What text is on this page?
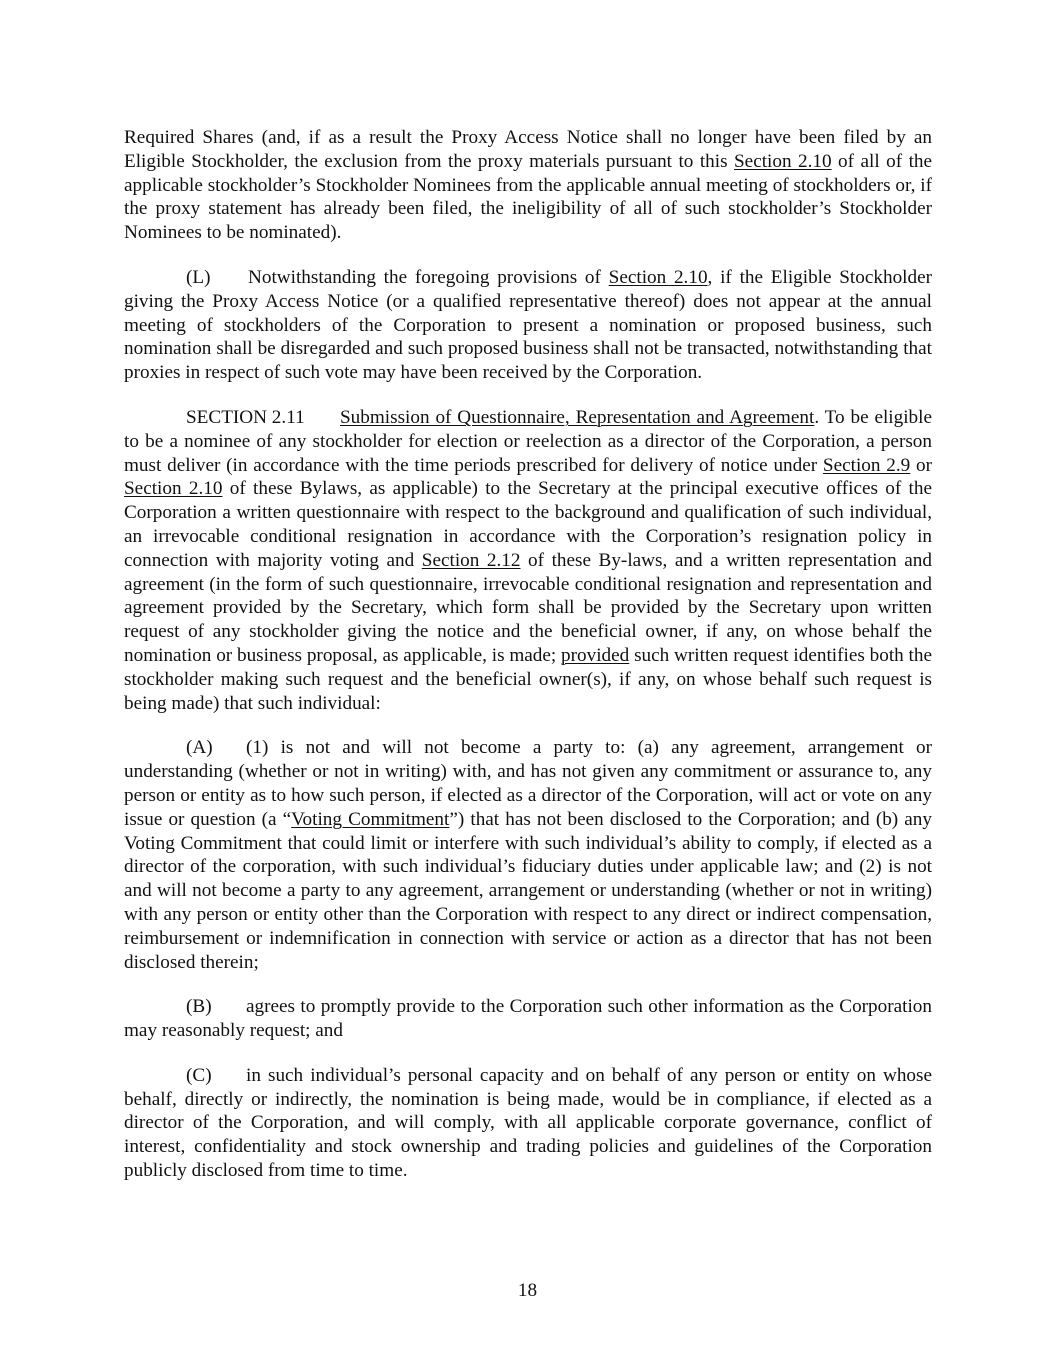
Required Shares (and, if as a result the Proxy Access Notice shall no longer have been filed by an Eligible Stockholder, the exclusion from the proxy materials pursuant to this Section 2.10 of all of the applicable stockholder’s Stockholder Nominees from the applicable annual meeting of stockholders or, if the proxy statement has already been filed, the ineligibility of all of such stockholder’s Stockholder Nominees to be nominated).

(L) Notwithstanding the foregoing provisions of Section 2.10, if the Eligible Stockholder giving the Proxy Access Notice (or a qualified representative thereof) does not appear at the annual meeting of stockholders of the Corporation to present a nomination or proposed business, such nomination shall be disregarded and such proposed business shall not be transacted, notwithstanding that proxies in respect of such vote may have been received by the Corporation.

SECTION 2.11 Submission of Questionnaire, Representation and Agreement. To be eligible to be a nominee of any stockholder for election or reelection as a director of the Corporation, a person must deliver (in accordance with the time periods prescribed for delivery of notice under Section 2.9 or Section 2.10 of these Bylaws, as applicable) to the Secretary at the principal executive offices of the Corporation a written questionnaire with respect to the background and qualification of such individual, an irrevocable conditional resignation in accordance with the Corporation’s resignation policy in connection with majority voting and Section 2.12 of these By-laws, and a written representation and agreement (in the form of such questionnaire, irrevocable conditional resignation and representation and agreement provided by the Secretary, which form shall be provided by the Secretary upon written request of any stockholder giving the notice and the beneficial owner, if any, on whose behalf the nomination or business proposal, as applicable, is made; provided such written request identifies both the stockholder making such request and the beneficial owner(s), if any, on whose behalf such request is being made) that such individual:

(A) (1) is not and will not become a party to: (a) any agreement, arrangement or understanding (whether or not in writing) with, and has not given any commitment or assurance to, any person or entity as to how such person, if elected as a director of the Corporation, will act or vote on any issue or question (a “Voting Commitment”) that has not been disclosed to the Corporation; and (b) any Voting Commitment that could limit or interfere with such individual’s ability to comply, if elected as a director of the corporation, with such individual’s fiduciary duties under applicable law; and (2) is not and will not become a party to any agreement, arrangement or understanding (whether or not in writing) with any person or entity other than the Corporation with respect to any direct or indirect compensation, reimbursement or indemnification in connection with service or action as a director that has not been disclosed therein;

(B) agrees to promptly provide to the Corporation such other information as the Corporation may reasonably request; and

(C) in such individual’s personal capacity and on behalf of any person or entity on whose behalf, directly or indirectly, the nomination is being made, would be in compliance, if elected as a director of the Corporation, and will comply, with all applicable corporate governance, conflict of interest, confidentiality and stock ownership and trading policies and guidelines of the Corporation publicly disclosed from time to time.

18
